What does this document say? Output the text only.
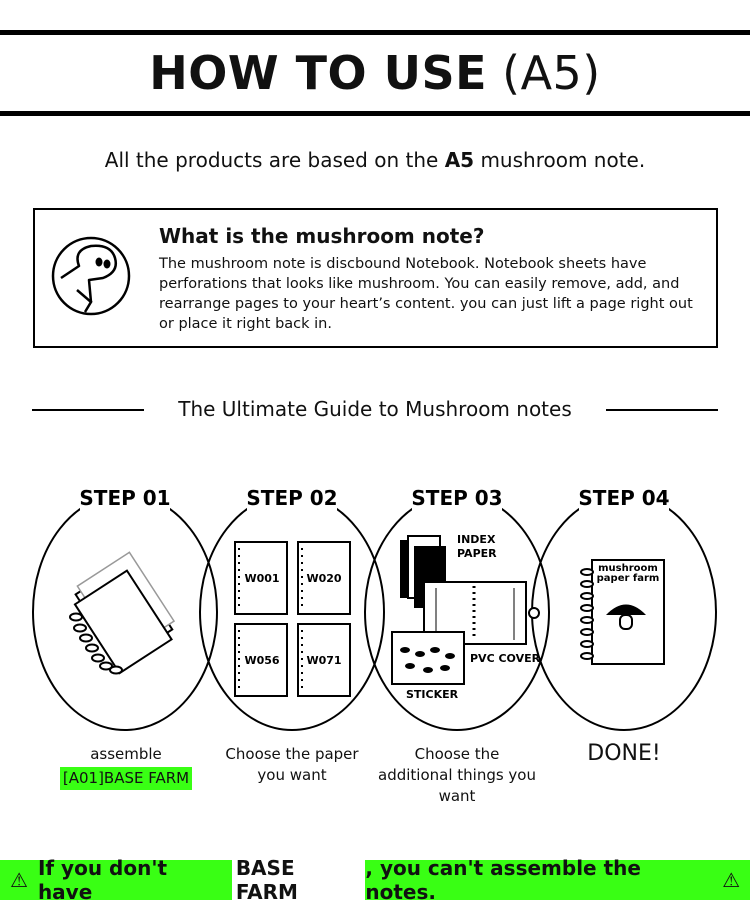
HOW TO USE (A5)
All the products are based on the A5 mushroom note.
What is the mushroom note?

The mushroom note is discbound Notebook. Notebook sheets have perforations that looks like mushroom. You can easily remove, add, and rearrange pages to your heart’s content. you can just lift a page right out or place it right back in.

The Ultimate Guide to Mushroom notes
STEP 01	STEP 02	STEP 03	STEP 04
W001 W020
W056 W071
INDEX
PAPER
PVC COVER
STICKER
mushroom
paper farm
assemble
[A01]BASE FARM
Choose the paper you want
Choose the additional things you want
DONE!
⚠ If you don't have

BASE FARM
, you can't assemble the notes.	⚠
